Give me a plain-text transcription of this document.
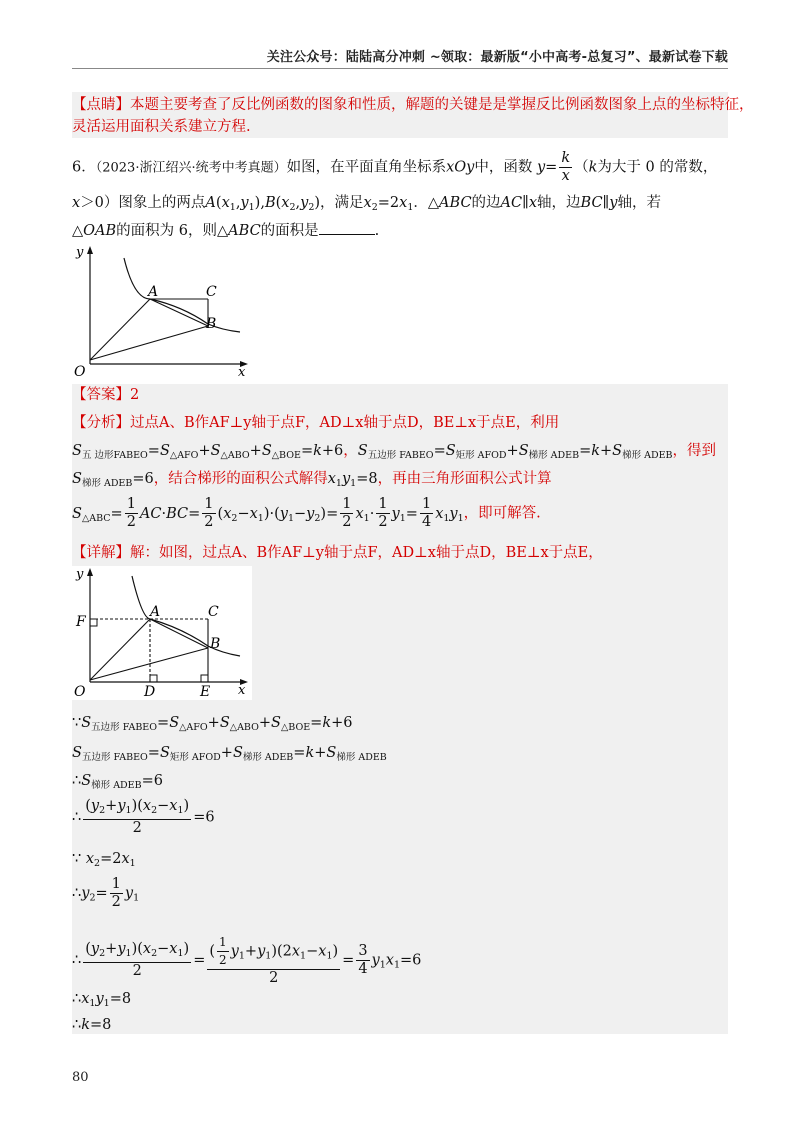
关注公众号：陆陆高分冲刺 ~领取：最新版“小中高考-总复习”、最新试卷下载
【点睛】本题主要考查了反比例函数的图象和性质，解题的关键是是掌握反比例函数图象上点的坐标特征，
灵活运用面积关系建立方程.
6．（2023·浙江绍兴·统考中考真题）如图，在平面直角坐标系xOy中，函数 $y= \frac{k}{x} (k$为大于 0 的常数，
x＞0）图象上的两点$A(x_1,y_1),B(x_2,y_2)$，满足$x_2=2x_1$．△ABC的边AC∥x轴，边BC∥y轴，若
△OAB的面积为 6，则△ABC的面积是	.
y
x
O
A	C
B
【答案】2
【分析】过点A、B作AF⊥y轴于点F，AD⊥x轴于点D，BE⊥x于点E，利用
$S_{五 边形FABEO}=S_{\triangle AFO}+S_{\triangle ABO}+S_{\triangle BOE}=k+6$，$S_{五边形 FABEO}=S_{矩形 AFOD}+S_{梯形 ADEB}=k+S_{梯形 ADEB}$，得到
$S_{梯形 ADEB}=6$，结合梯形的面积公式解得$x_1y_1=8$，再由三角形面积公式计算
$S_{\triangle ABC}= \frac{1}{2} AC\cdot BC= \frac{1}{2} (x_2-x_1)\cdot(y_1-y_2)= \frac{1}{2} x_1\cdot \frac{1}{2} y_1= \frac{1}{4} x_1y_1$，即可解答.
【详解】解：如图，过点A、B作AF⊥y轴于点F，AD⊥x轴于点D，BE⊥x于点E，
y
x
O
F
A	C
B
D	E
$\because S_{五边形 FABEO}=S_{\triangle AFO}+S_{\triangle ABO}+S_{\triangle BOE}=k+6$
$S_{五边形 FABEO}=S_{矩形 AFOD}+S_{梯形 ADEB}=k+S_{梯形 ADEB}$
$\therefore S_{梯形 ADEB}=6$
∴ $\frac{(y_2+y_1)(x_2-x_1)}{2} =6$
∵ $x_2=2x_1$
$\therefore y_2= \frac{1}{2} y_1$
∴ $\frac{(y_2+y_1)(x_2-x_1)}{2} = \frac{( \frac{1}{2} y_1+y_1)(2x_1-x_1)}{2} = \frac{3}{4} y_1x_1=6$
$\therefore x_1y_1=8$
∴k=8
80
